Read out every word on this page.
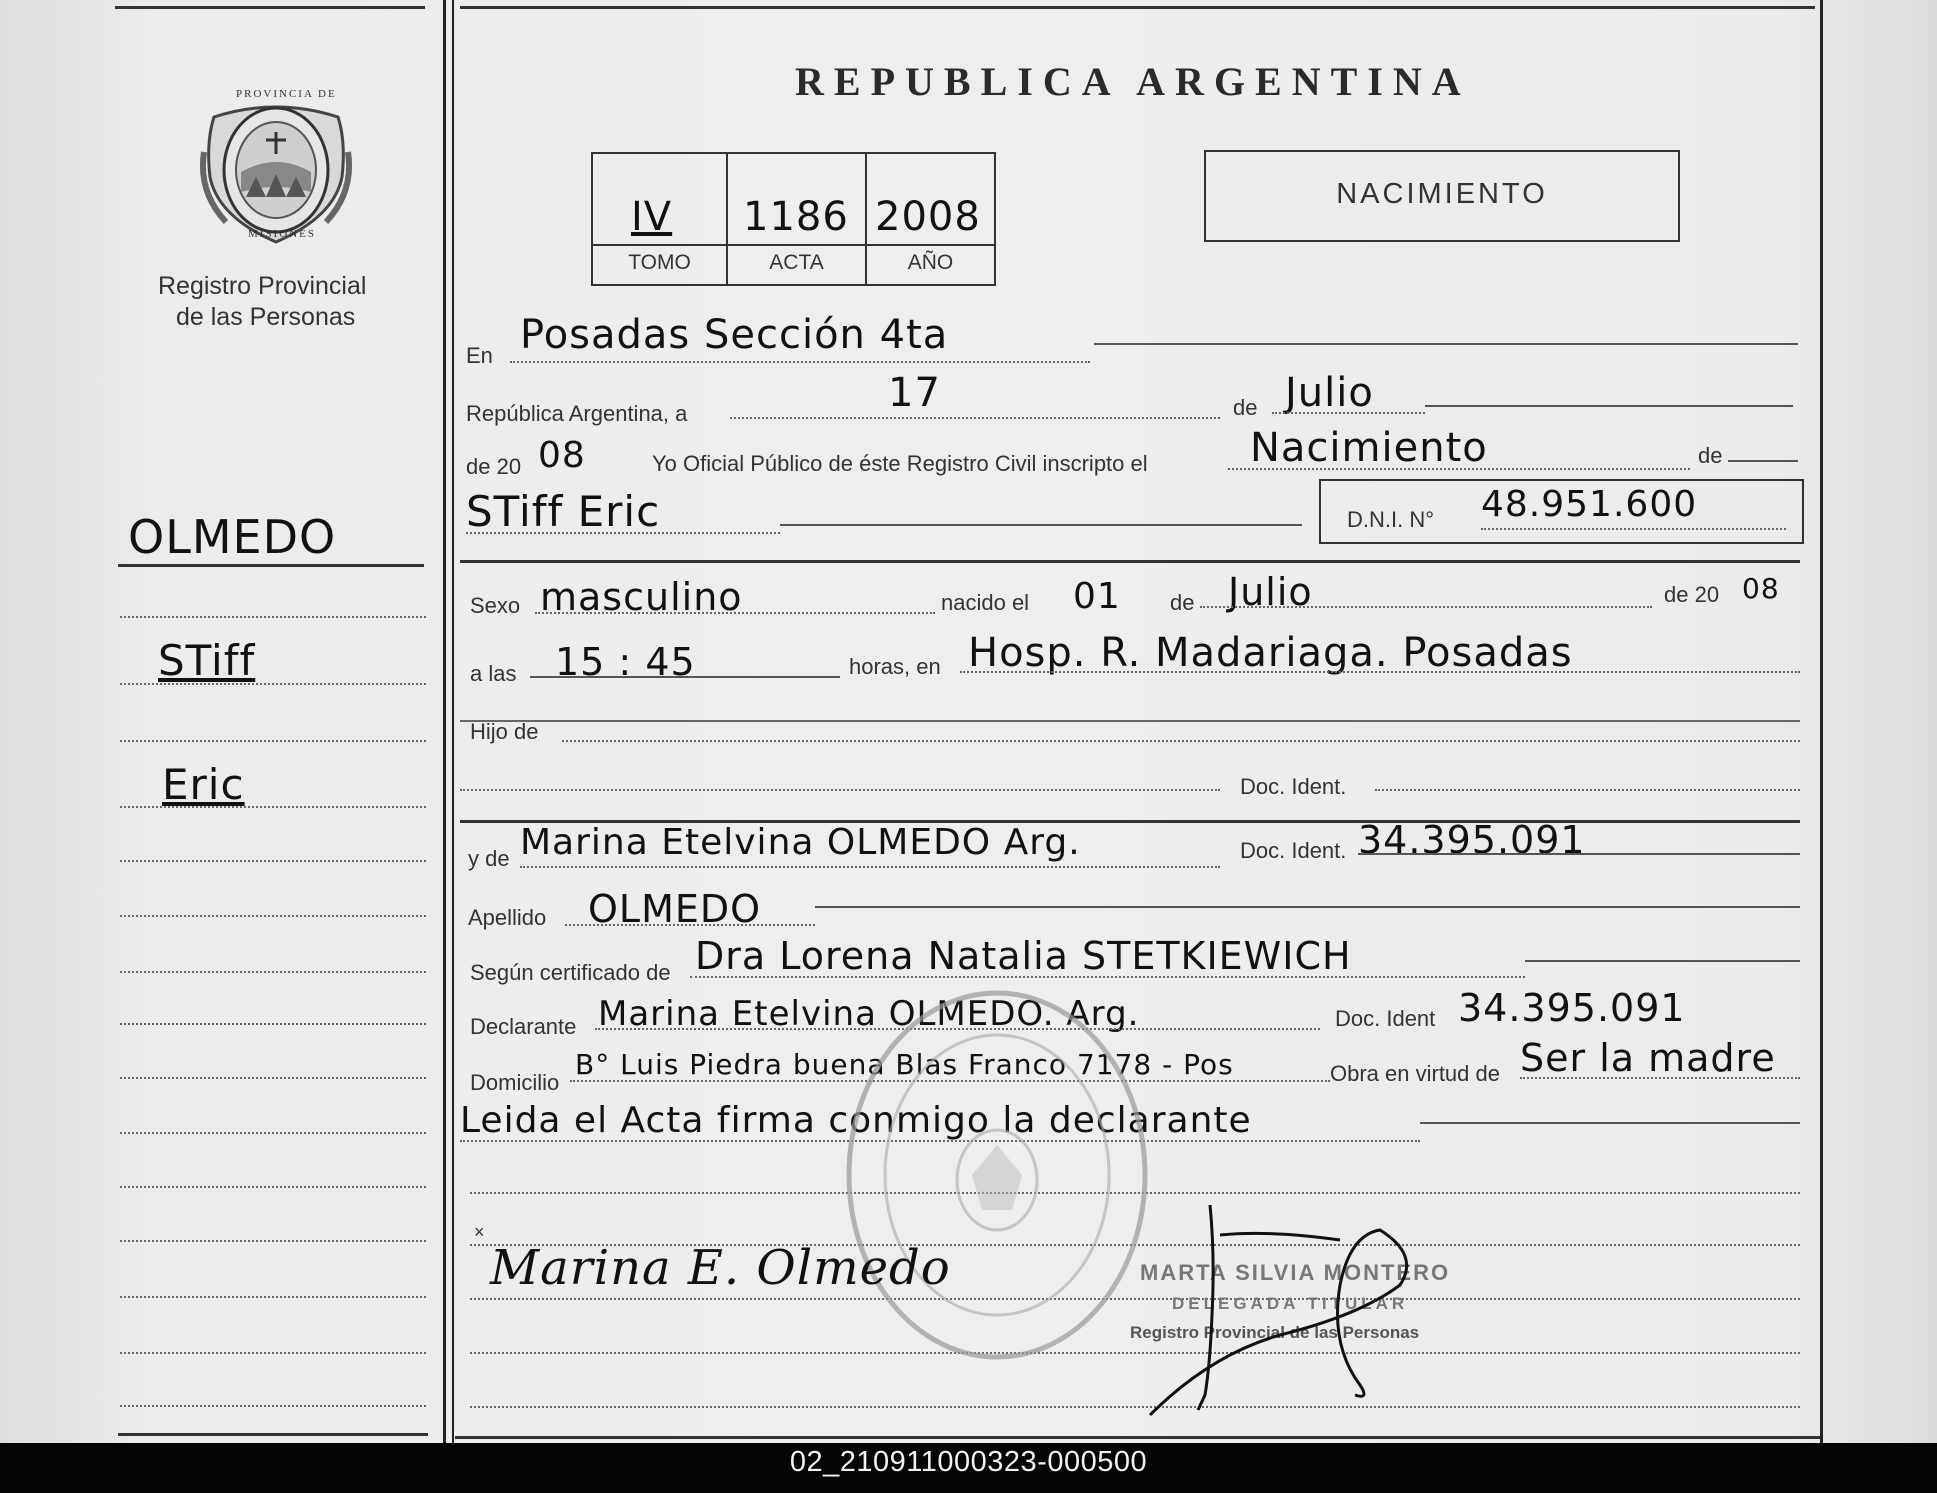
PROVINCIA DE
MISIONES
Registro Provincial
de las Personas
OLMEDO
STiff
Eric
REPUBLICA ARGENTINA
IV 1186 2008
TOMO	ACTA	AÑO
NACIMIENTO
En Posadas Sección 4ta
República Argentina, a	17	de Julio
de 20 08	Yo Oficial Público de éste Registro Civil inscripto el	Nacimiento	de
STiff Eric	D.N.I. N° 48.951.600
Sexo masculino	nacido el 01 de Julio	de 20 08
a las 15 : 45	horas, en Hosp. R. Madariaga. Posadas
Hijo de
Doc. Ident.
y de Marina Etelvina OLMEDO Arg.	Doc. Ident. 34.395.091
Apellido OLMEDO
Según certificado de Dra Lorena Natalia STETKIEWICH
Declarante Marina Etelvina OLMEDO. Arg.	Doc. Ident 34.395.091
Domicilio
B° Luis Piedra buena Blas Franco 7178 - Pos	Obra en virtud de Ser la madre
Leida el Acta firma conmigo la declarante
×
Marina E. Olmedo	MARTA SILVIA MONTERO
DELEGADA TITULAR
Registro Provincial de las Personas
02_210911000323-000500
